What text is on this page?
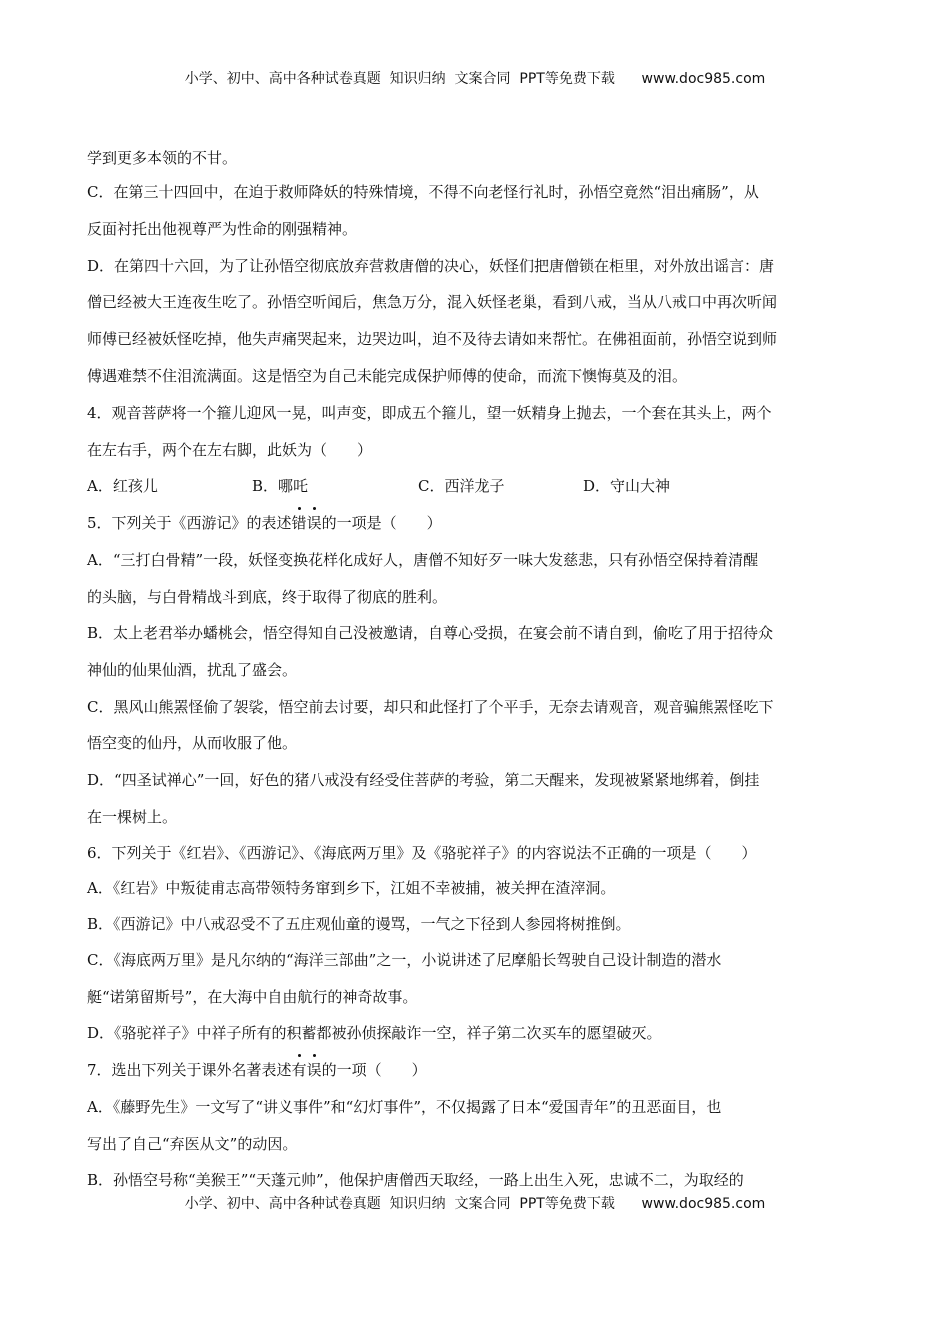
小学、初中、高中各种试卷真题  知识归纳  文案合同  PPT等免费下载      www.doc985.com
学到更多本领的不甘。
C．在第三十四回中，在迫于救师降妖的特殊情境，不得不向老怪行礼时，孙悟空竟然“泪出痛肠”，从
反面衬托出他视尊严为性命的刚强精神。
D．在第四十六回，为了让孙悟空彻底放弃营救唐僧的决心，妖怪们把唐僧锁在柜里，对外放出谣言：唐
僧已经被大王连夜生吃了。孙悟空听闻后，焦急万分，混入妖怪老巢，看到八戒，当从八戒口中再次听闻
师傅已经被妖怪吃掉，他失声痛哭起来，边哭边叫，迫不及待去请如来帮忙。在佛祖面前，孙悟空说到师
傅遇难禁不住泪流满面。这是悟空为自己未能完成保护师傅的使命，而流下懊悔莫及的泪。
4．观音菩萨将一个箍儿迎风一晃，叫声变，即成五个箍儿，望一妖精身上抛去，一个套在其头上，两个
在左右手，两个在左右脚，此妖为（　　）
A．红孩儿	B．哪吒	C．西洋龙子	D．守山大神
5．下列关于《西游记》的表述错误的一项是（　　）
A．“三打白骨精”一段，妖怪变换花样化成好人，唐僧不知好歹一味大发慈悲，只有孙悟空保持着清醒
的头脑，与白骨精战斗到底，终于取得了彻底的胜利。
B．太上老君举办蟠桃会，悟空得知自己没被邀请，自尊心受损，在宴会前不请自到，偷吃了用于招待众
神仙的仙果仙酒，扰乱了盛会。
C．黑风山熊罴怪偷了袈裟，悟空前去讨要，却只和此怪打了个平手，无奈去请观音，观音骗熊罴怪吃下
悟空变的仙丹，从而收服了他。
D．“四圣试禅心”一回，好色的猪八戒没有经受住菩萨的考验，第二天醒来，发现被紧紧地绑着，倒挂
在一棵树上。
6．下列关于《红岩》、《西游记》、《海底两万里》及《骆驼祥子》的内容说法不正确的一项是（　　）
A．《红岩》中叛徒甫志高带领特务窜到乡下，江姐不幸被捕，被关押在渣滓洞。
B．《西游记》中八戒忍受不了五庄观仙童的谩骂，一气之下径到人参园将树推倒。
C．《海底两万里》是凡尔纳的“海洋三部曲”之一，小说讲述了尼摩船长驾驶自己设计制造的潜水
艇“诺第留斯号”，在大海中自由航行的神奇故事。
D．《骆驼祥子》中祥子所有的积蓄都被孙侦探敲诈一空，祥子第二次买车的愿望破灭。
7．选出下列关于课外名著表述有误的一项（　　）
A．《藤野先生》一文写了“讲义事件”和“幻灯事件”，不仅揭露了日本“爱国青年”的丑恶面目，也
写出了自己“弃医从文”的动因。
B．孙悟空号称“美猴王”“天蓬元帅”，他保护唐僧西天取经，一路上出生入死，忠诚不二，为取经的
小学、初中、高中各种试卷真题  知识归纳  文案合同  PPT等免费下载      www.doc985.com
